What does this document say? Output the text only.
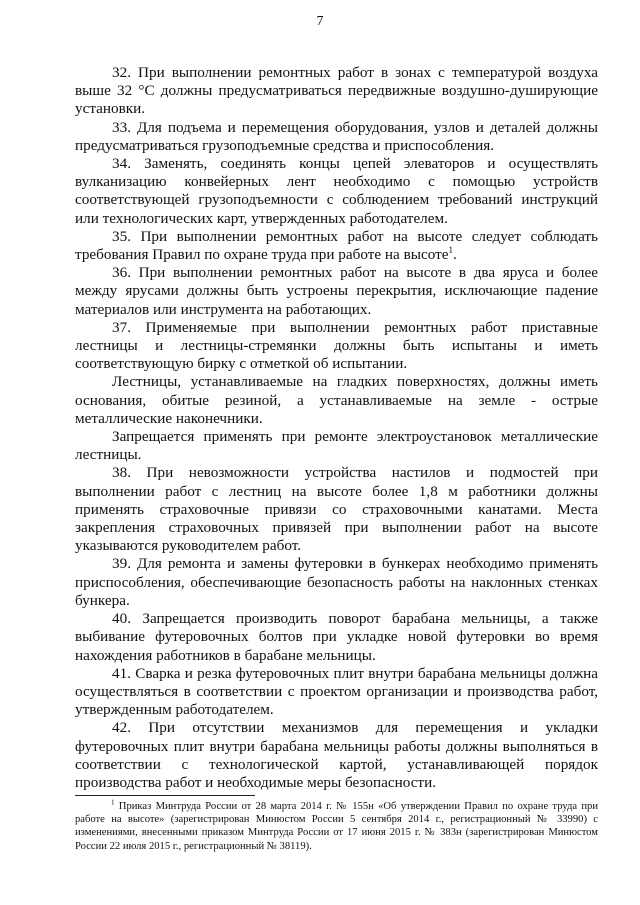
7

32. При выполнении ремонтных работ в зонах с температурой воздуха выше 32 °С должны предусматриваться передвижные воздушно-душирующие установки.

33. Для подъема и перемещения оборудования, узлов и деталей должны предусматриваться грузоподъемные средства и приспособления.

34. Заменять, соединять концы цепей элеваторов и осуществлять вулканизацию конвейерных лент необходимо с помощью устройств соответствующей грузоподъемности с соблюдением требований инструкций или технологических карт, утвержденных работодателем.

35. При выполнении ремонтных работ на высоте следует соблюдать требования Правил по охране труда при работе на высоте$^1$.

36. При выполнении ремонтных работ на высоте в два яруса и более между ярусами должны быть устроены перекрытия, исключающие падение материалов или инструмента на работающих.

37. Применяемые при выполнении ремонтных работ приставные лестницы и лестницы-стремянки должны быть испытаны и иметь соответствующую бирку с отметкой об испытании.

Лестницы, устанавливаемые на гладких поверхностях, должны иметь основания, обитые резиной, а устанавливаемые на земле - острые металлические наконечники.

Запрещается применять при ремонте электроустановок металлические лестницы.

38. При невозможности устройства настилов и подмостей при выполнении работ с лестниц на высоте более 1,8 м работники должны применять страховочные привязи со страховочными канатами. Места закрепления страховочных привязей при выполнении работ на высоте указываются руководителем работ.

39. Для ремонта и замены футеровки в бункерах необходимо применять приспособления, обеспечивающие безопасность работы на наклонных стенках бункера.

40. Запрещается производить поворот барабана мельницы, а также выбивание футеровочных болтов при укладке новой футеровки во время нахождения работников в барабане мельницы.

41. Сварка и резка футеровочных плит внутри барабана мельницы должна осуществляться в соответствии с проектом организации и производства работ, утвержденным работодателем.

42. При отсутствии механизмов для перемещения и укладки футеровочных плит внутри барабана мельницы работы должны выполняться в соответствии с технологической картой, устанавливающей порядок производства работ и необходимые меры безопасности.

$^1$ Приказ Минтруда России от 28 марта 2014 г. № 155н «Об утверждении Правил по охране труда при работе на высоте» (зарегистрирован Минюстом России 5 сентября 2014 г., регистрационный № 33990) с изменениями, внесенными приказом Минтруда России от 17 июня 2015 г. № 383н (зарегистрирован Минюстом России 22 июля 2015 г., регистрационный № 38119).
